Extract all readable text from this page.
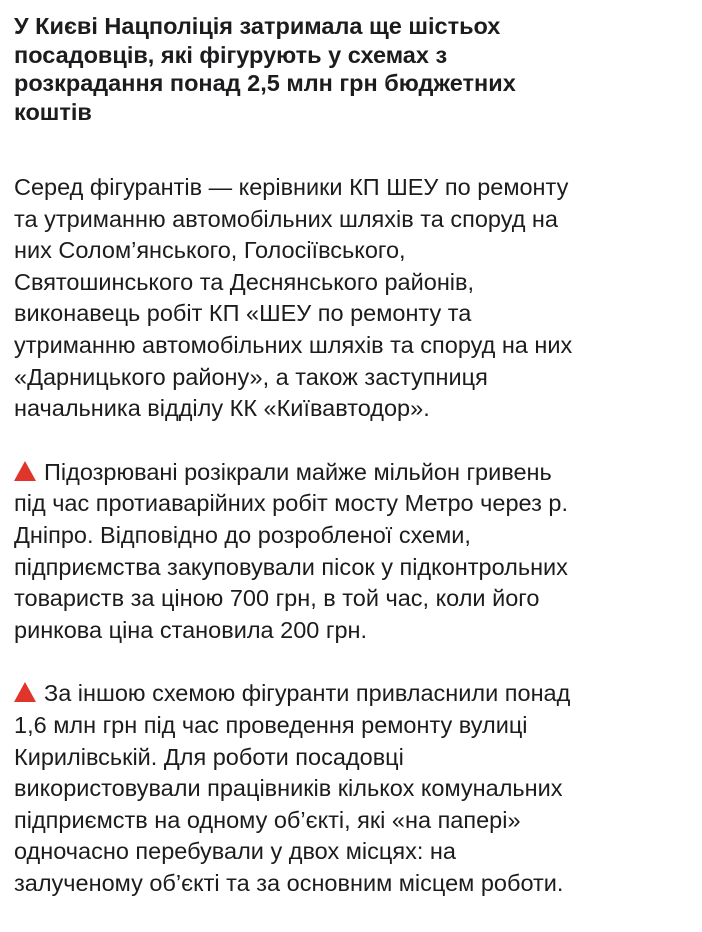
У Києві Нацполіція затримала ще шістьох
посадовців, які фігурують у схемах з
розкрадання понад 2,5 млн грн бюджетних
коштів

Серед фігурантів — керівники КП ШЕУ по ремонту
та утриманню автомобільних шляхів та споруд на
них Солом’янського, Голосіївського,
Святошинського та Деснянського районів,
виконавець робіт КП «ШЕУ по ремонту та
утриманню автомобільних шляхів та споруд на них
«Дарницького району», а також заступниця
начальника відділу КК «Київавтодор».

Підозрювані розікрали майже мільйон гривень
під час протиаварійних робіт мосту Метро через р.
Дніпро. Відповідно до розробленої схеми,
підприємства закуповували пісок у підконтрольних
товариств за ціною 700 грн, в той час, коли його
ринкова ціна становила 200 грн.

За іншою схемою фігуранти привласнили понад
1,6 млн грн під час проведення ремонту вулиці
Кирилівській. Для роботи посадовці
використовували працівників кількох комунальних
підприємств на одному об’єкті, які «на папері»
одночасно перебували у двох місцях: на
залученому об’єкті та за основним місцем роботи.
